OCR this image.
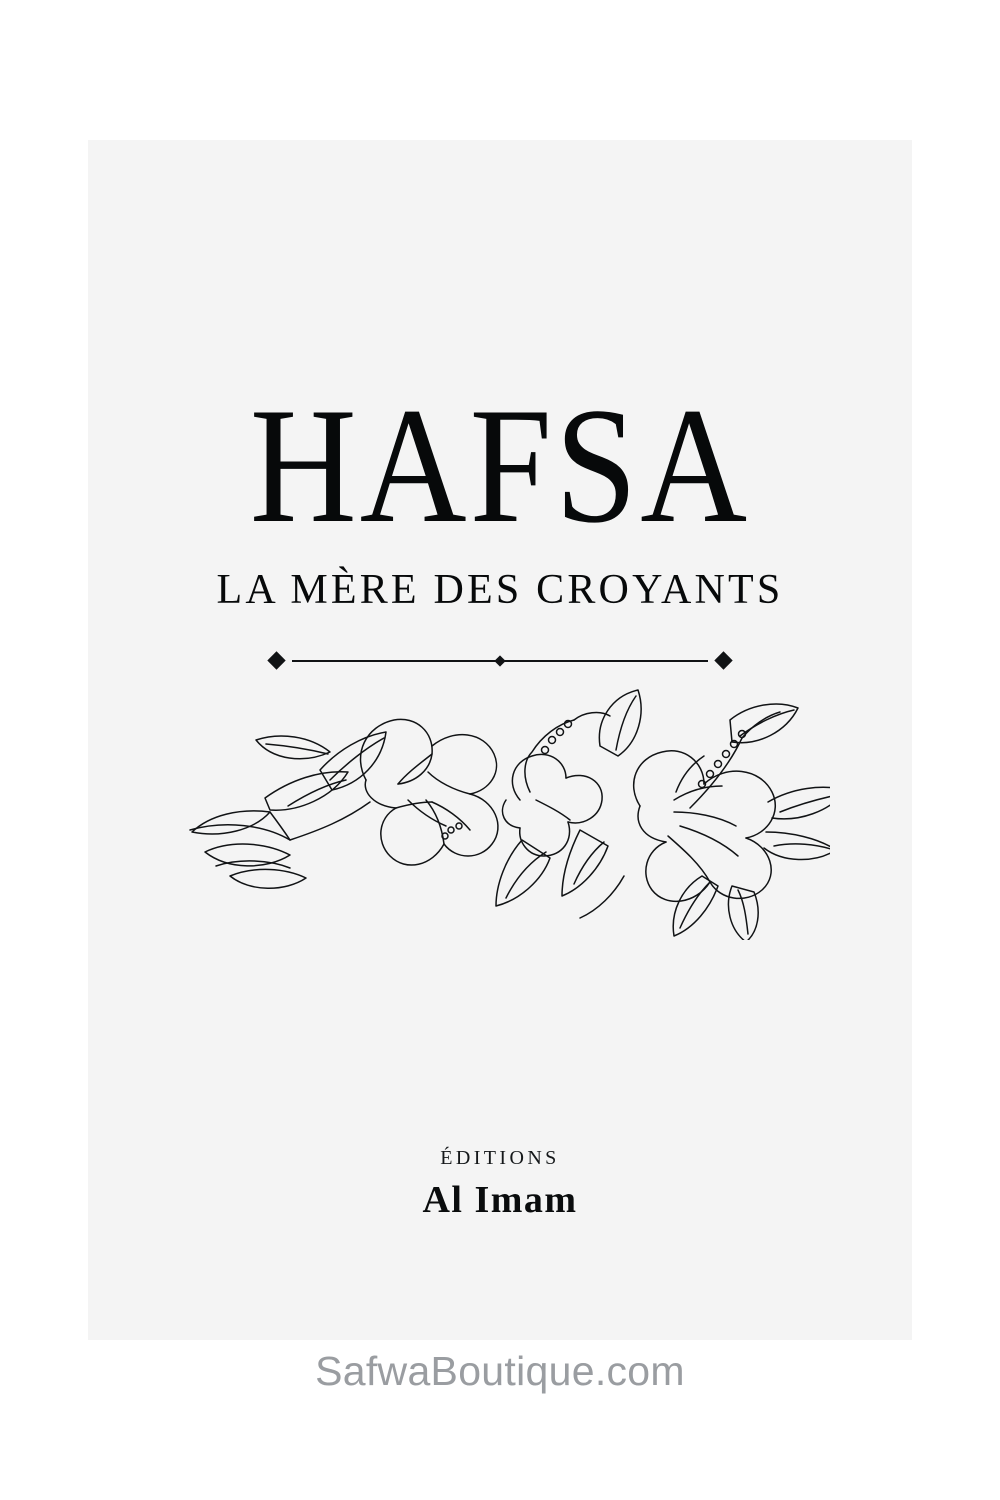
HAFSA
LA MÈRE DES CROYANTS
ÉDITIONS
Al Imam
SafwaBoutique.com
